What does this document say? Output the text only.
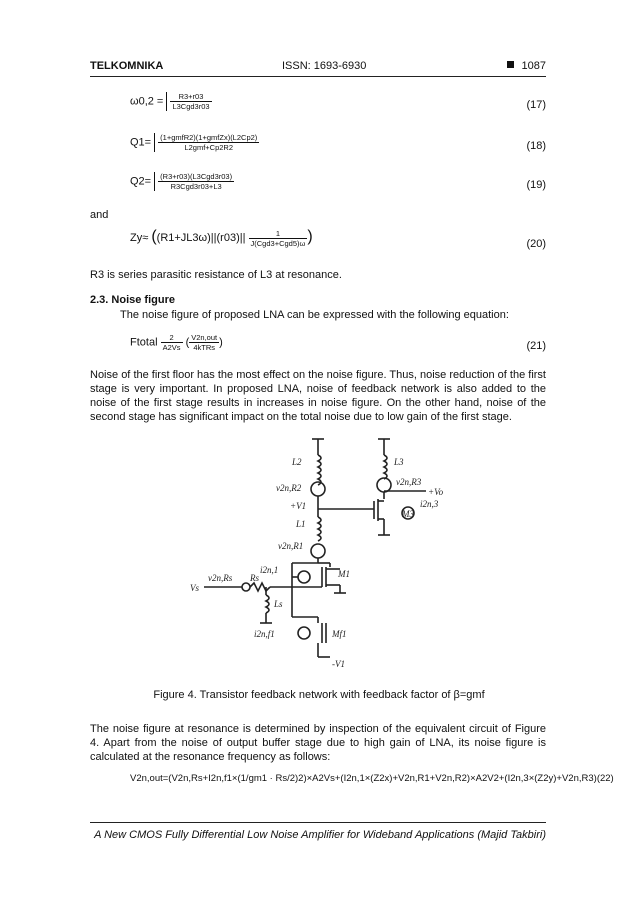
TELKOMNIKA	ISSN: 1693-6930	1087
$\omega 0,2 = \frac{R3+r03}{\text{L3Cgd3r03}}$	(17)
$Q1= \frac{\text{(1+gmfR2)(1+gmfZx)(L2Cp2)}}{\text{L2gmf+Cp2R2}}$	(18)
$Q2= \frac{\text{(R3+r03)(L3Cgd3r03)}}{\text{R3Cgd3r03+L3}}$	(19)
and
$Zy\approx ((R1+JL3\omega)||(r03)|| \frac{1}{\text{J(Cgd3+Cgd5)ω}}$ )	(20)
R3 is series parasitic resistance of L3 at resonance.
2.3. Noise figure
The noise figure of proposed LNA can be expressed with the following equation:
Ftotal $\frac{2}{A2Vs}$ ( $\frac{\text{V2n,out}}{\text{4kTRs}}$ )	(21)
Noise of the first floor has the most effect on the noise figure. Thus, noise reduction of the first stage is very important. In proposed LNA, noise of feedback network is also added to the noise of the first stage results in increases in noise figure. On the other hand, noise of the second stage has significant impact on the total noise due to low gain of the first stage.
L2	L3
v2n,R2
v2n,R3
+Vo
+V1
M3
i2n,3
L1
v2n,R1
i2n,1	M1
Vs
v2n,Rs Rs
Ls
i2n,f1	Mf1
-V1
Figure 4. Transistor feedback network with feedback factor of β=gmf
The noise figure at resonance is determined by inspection of the equivalent circuit of Figure 4. Apart from the noise of output buffer stage due to high gain of LNA, its noise figure is calculated at the resonance frequency as follows:
V2n,out=(V2n,Rs+I2n,f1×(1/gm1 · Rs/2)2)×A2Vs+(I2n,1×(Z2x)+V2n,R1+V2n,R2)×A2V2+(I2n,3×(Z2y)+V2n,R3)(22)
A New CMOS Fully Differential Low Noise Amplifier for Wideband Applications (Majid Takbiri)
